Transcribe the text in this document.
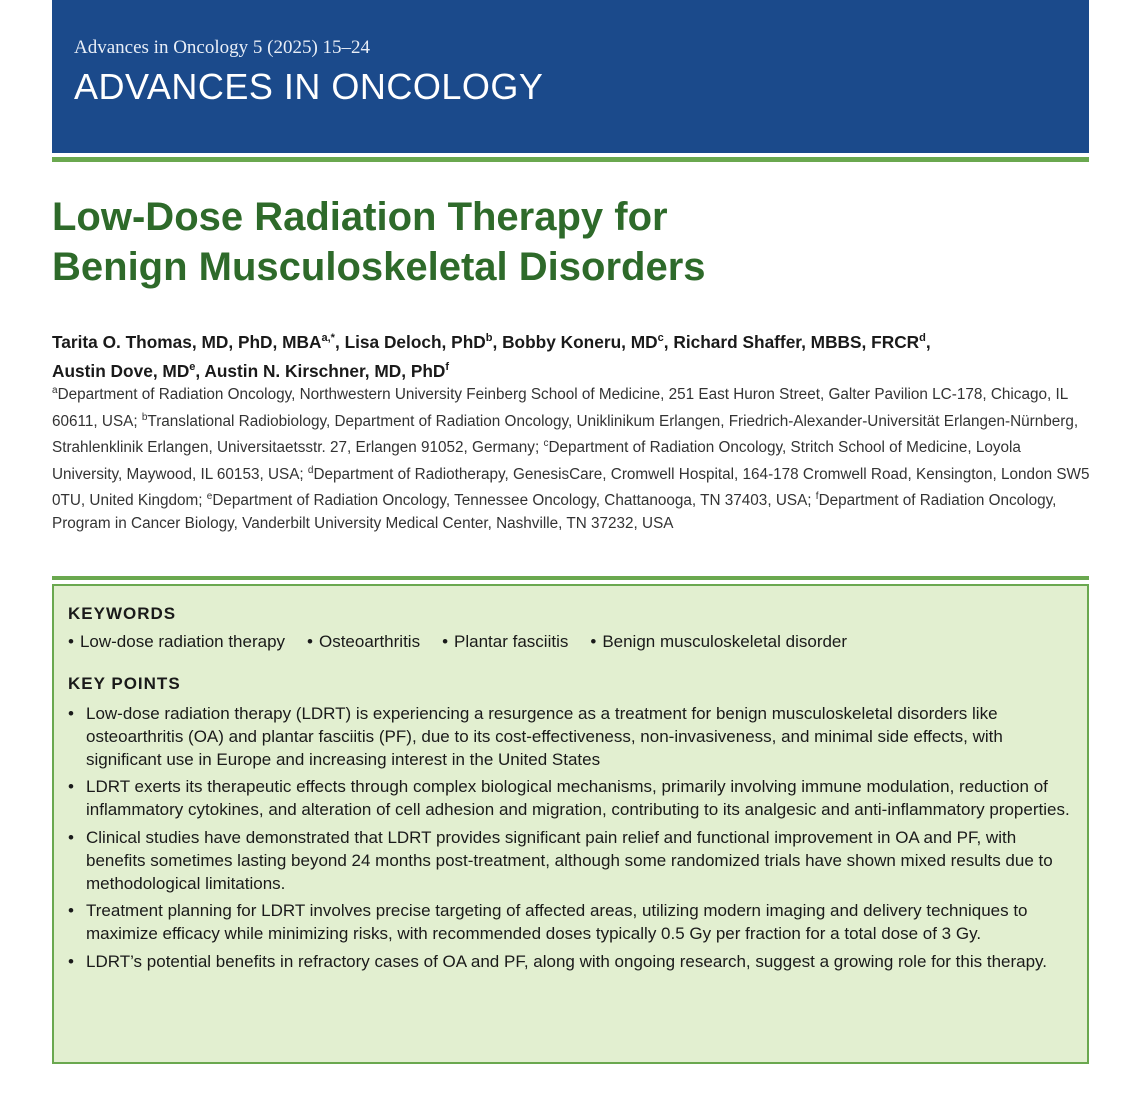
Advances in Oncology 5 (2025) 15–24
ADVANCES IN ONCOLOGY
Low-Dose Radiation Therapy for
Benign Musculoskeletal Disorders
Tarita O. Thomas, MD, PhD, $MBA^{a,*}$, Lisa Deloch, PhD$^b$, Bobby Koneru, $MD^c$, Richard Shaffer, MBBS, FRCR$^d$,
Austin Dove, MDe, Austin N. Kirschner, MD, PhD$^f$
$^a$Department of Radiation Oncology, Northwestern University Feinberg School of Medicine, 251 East Huron Street, Galter Pavilion LC-178, Chicago, IL 60611, USA; $^b$Translational Radiobiology, Department of Radiation Oncology, Uniklinikum Erlangen, Friedrich-Alexander-Universität Erlangen-Nürnberg, Strahlenklinik Erlangen, Universitaetsstr. 27, Erlangen 91052, Germany; $^c$Department of Radiation Oncology, Stritch School of Medicine, Loyola University, Maywood, IL 60153, USA; $^d$Department of Radiotherapy, GenesisCare, Cromwell Hospital, 164-178 Cromwell Road, Kensington, London SW5 0TU, United Kingdom; $^e$Department of Radiation Oncology, Tennessee Oncology, Chattanooga, TN 37403, USA; $^f$Department of Radiation Oncology, Program in Cancer Biology, Vanderbilt University Medical Center, Nashville, TN 37232, USA
KEYWORDS
• Low-dose radiation therapy	• Osteoarthritis	• Plantar fasciitis	• Benign musculoskeletal disorder
KEY POINTS
• Low-dose radiation therapy (LDRT) is experiencing a resurgence as a treatment for benign musculoskeletal disorders like osteoarthritis (OA) and plantar fasciitis (PF), due to its cost-effectiveness, non-invasiveness, and minimal side effects, with significant use in Europe and increasing interest in the United States
• LDRT exerts its therapeutic effects through complex biological mechanisms, primarily involving immune modulation, reduction of inflammatory cytokines, and alteration of cell adhesion and migration, contributing to its analgesic and anti-inflammatory properties.
• Clinical studies have demonstrated that LDRT provides significant pain relief and functional improvement in OA and PF, with benefits sometimes lasting beyond 24 months post-treatment, although some randomized trials have shown mixed results due to methodological limitations.
• Treatment planning for LDRT involves precise targeting of affected areas, utilizing modern imaging and delivery techniques to maximize efficacy while minimizing risks, with recommended doses typically 0.5 Gy per fraction for a total dose of 3 Gy.
• LDRT’s potential benefits in refractory cases of OA and PF, along with ongoing research, suggest a growing role for this therapy.
